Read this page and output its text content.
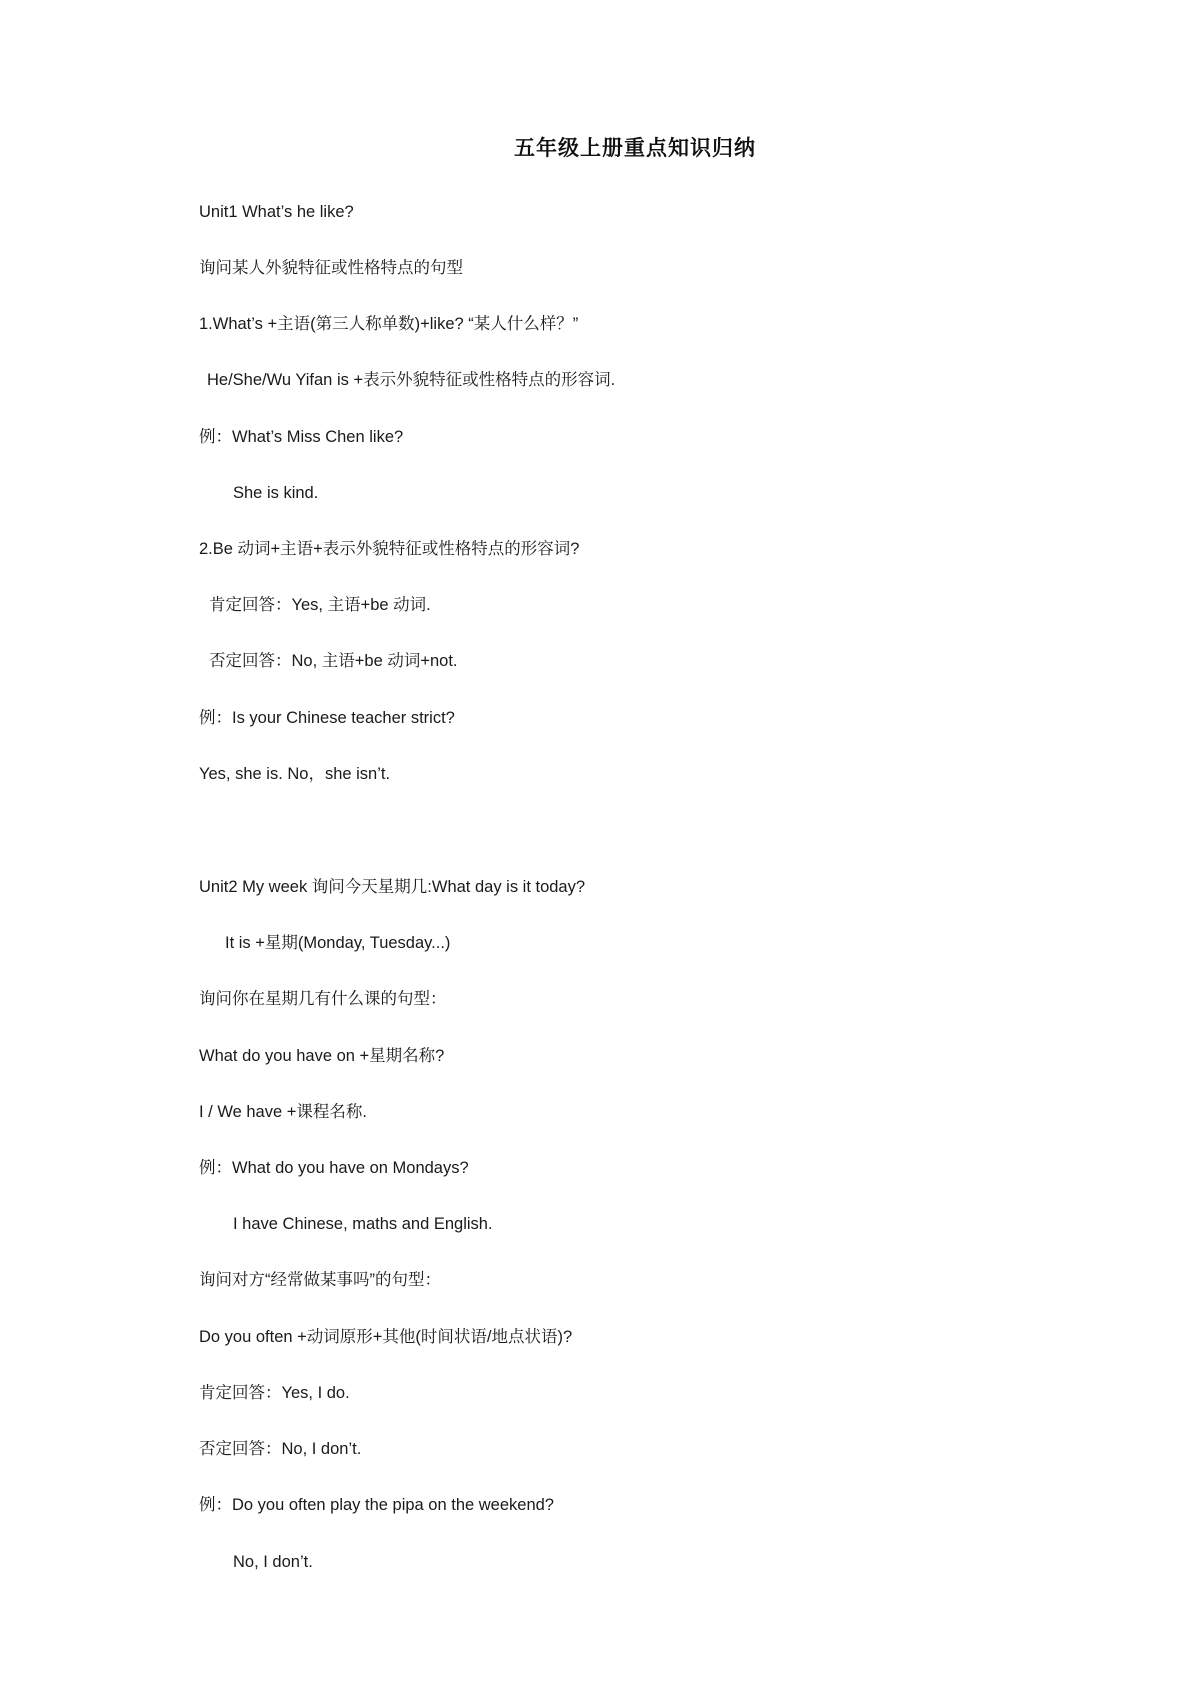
五年级上册重点知识归纳
Unit1 What’s he like?
询问某人外貌特征或性格特点的句型
1.What’s +主语(第三人称单数)+like? “某人什么样？”
He/She/Wu Yifan is +表示外貌特征或性格特点的形容词.
例：What’s Miss Chen like?
She is kind.
2.Be 动词+主语+表示外貌特征或性格特点的形容词?
肯定回答：Yes, 主语+be 动词.
否定回答：No, 主语+be 动词+not.
例：Is your Chinese teacher strict?
Yes, she is. No，she isn’t.
Unit2 My week 询问今天星期几:What day is it today?
It is +星期(Monday, Tuesday...)
询问你在星期几有什么课的句型：
What do you have on +星期名称?
I / We have +课程名称.
例：What do you have on Mondays?
I have Chinese, maths and English.
询问对方“经常做某事吗”的句型：
Do you often +动词原形+其他(时间状语/地点状语)?
肯定回答：Yes, I do.
否定回答：No, I don’t.
例：Do you often play the pipa on the weekend?
No, I don’t.
